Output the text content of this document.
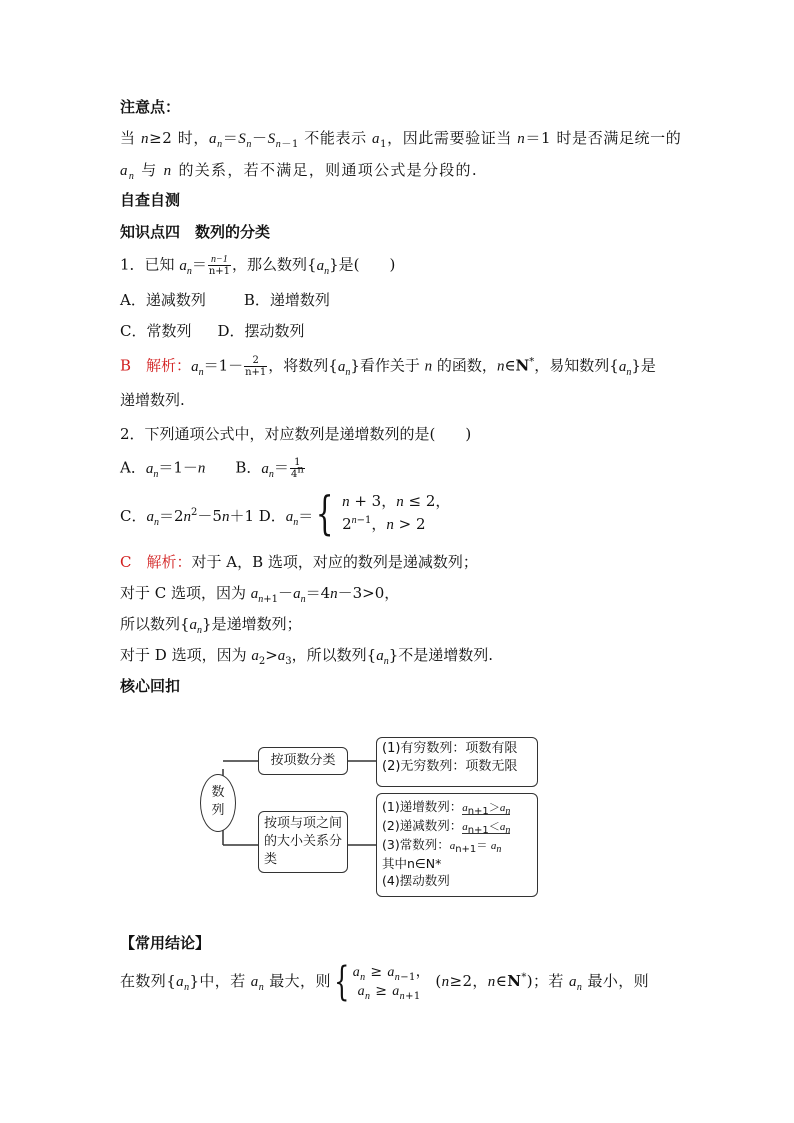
注意点：
当 n≥2 时，$a_n=S_n-S_{n-1}$ 不能表示 $a_1$，因此需要验证当 n＝1 时是否满足统一的
$a_n$ 与 n 的关系，若不满足，则通项公式是分段的.
自查自测
知识点四　数列的分类
1．已知 $a_n= \frac{n-1}{n+1}$ ，那么数列$\{a_n\}$是(　　)
A．递减数列	B．递增数列
C．常数列 D．摆动数列
B　 解析：$a_n=1- \frac{2}{n+1}$ ，将数列$\{a_n\}$看作关于 n 的函数，n∈N*，易知数列$\{a_n\}$是
递增数列.
2．下列通项公式中，对应数列是递增数列的是(　　)
A．$a_n=1-n$　　B．$a_n= \frac{1}{4^n}$
C．$a_n=2n^2-5n+1$ D．$a_n=$ { n + 3，n ≤ 2，
$2^{n-1}$，n > 2
C　 解析：对于 A，B 选项，对应的数列是递减数列；
对于 C 选项，因为 $a_{n+1}-a_n=4n-3>0$，
所以数列$\{a_n\}$是递增数列；
对于 D 选项，因为 $a_2>a_3$，所以数列$\{a_n\}$不是递增数列.
核心回扣
数
列
按项数分类
(1)有穷数列：项数有限
(2)无穷数列：项数无限
按项与项之间的大小关系分类
(1)递增数列：$a_{n+1}>a_n$
(2)递减数列：$a_{n+1}<a_n$
(3)常数列：$a_{n+1}= a_n$
其中n∈N*
(4)摆动数列
【常用结论】
在数列$\{a_n\}$中，若 $a_n$ 最大，则{ $a_n \ge a_{n-1}$，
$a_n \ge a_{n+1}$
(n≥2，n∈N*)；若 $a_n$ 最小，则
